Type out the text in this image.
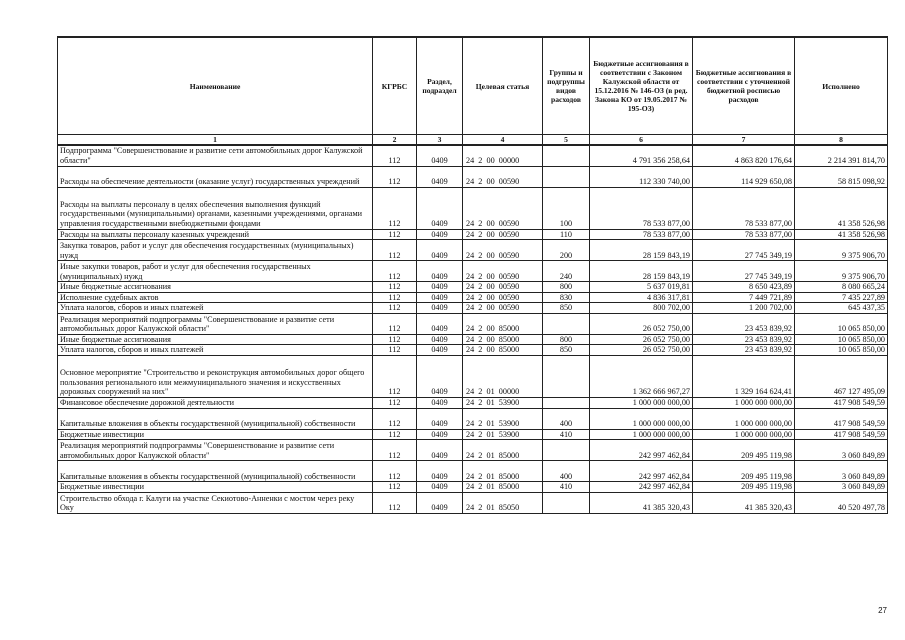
Наименование	КГРБС	Раздел, подраздел	Целевая статья	Группы и подгруппы видов расходов	Бюджетные ассигнования в соответствии с Законом Калужской области от 15.12.2016 № 146-ОЗ (в ред. Закона КО от 19.05.2017 № 195-ОЗ)	Бюджетные ассигнования в соответствии с уточненной бюджетной росписью расходов	Исполнено
1	2	3	4	5	6	7	8
Подпрограмма "Совершенствование и развитие сети автомобильных дорог Калужской области"	112	0409	24  2  00  00000		4 791 356 258,64	4 863 820 176,64	2 214 391 814,70
Расходы на обеспечение деятельности (оказание услуг) государственных учреждений	112	0409	24  2  00  00590		112 330 740,00	114 929 650,08	58 815 098,92
Расходы на выплаты персоналу в целях обеспечения выполнения функций государственными (муниципальными) органами, казенными учреждениями, органами управления государственными внебюджетными фондами	112	0409	24  2  00  00590	100	78 533 877,00	78 533 877,00	41 358 526,98
Расходы на выплаты персоналу казенных учреждений	112	0409	24  2  00  00590	110	78 533 877,00	78 533 877,00	41 358 526,98
Закупка товаров, работ и услуг для обеспечения государственных (муниципальных) нужд	112	0409	24  2  00  00590	200	28 159 843,19	27 745 349,19	9 375 906,70
Иные закупки товаров, работ и услуг для обеспечения государственных (муниципальных) нужд	112	0409	24  2  00  00590	240	28 159 843,19	27 745 349,19	9 375 906,70
Иные бюджетные ассигнования	112	0409	24  2  00  00590	800	5 637 019,81	8 650 423,89	8 080 665,24
Исполнение судебных актов	112	0409	24  2  00  00590	830	4 836 317,81	7 449 721,89	7 435 227,89
Уплата налогов, сборов и иных платежей	112	0409	24  2  00  00590	850	800 702,00	1 200 702,00	645 437,35
Реализация мероприятий подпрограммы "Совершенствование и развитие сети автомобильных дорог Калужской области"	112	0409	24  2  00  85000		26 052 750,00	23 453 839,92	10 065 850,00
Иные бюджетные ассигнования	112	0409	24  2  00  85000	800	26 052 750,00	23 453 839,92	10 065 850,00
Уплата налогов, сборов и иных платежей	112	0409	24  2  00  85000	850	26 052 750,00	23 453 839,92	10 065 850,00
Основное мероприятие "Строительство и реконструкция автомобильных дорог общего пользования регионального или межмуниципального значения и искусственных дорожных сооружений на них"	112	0409	24  2  01  00000		1 362 666 967,27	1 329 164 624,41	467 127 495,09
Финансовое обеспечение дорожной деятельности	112	0409	24  2  01  53900		1 000 000 000,00	1 000 000 000,00	417 908 549,59
Капитальные вложения в объекты государственной (муниципальной) собственности	112	0409	24  2  01  53900	400	1 000 000 000,00	1 000 000 000,00	417 908 549,59
Бюджетные инвестиции	112	0409	24  2  01  53900	410	1 000 000 000,00	1 000 000 000,00	417 908 549,59
Реализация мероприятий подпрограммы "Совершенствование и развитие сети автомобильных дорог Калужской области"	112	0409	24  2  01  85000		242 997 462,84	209 495 119,98	3 060 849,89
Капитальные вложения в объекты государственной (муниципальной) собственности	112	0409	24  2  01  85000	400	242 997 462,84	209 495 119,98	3 060 849,89
Бюджетные инвестиции	112	0409	24  2  01  85000	410	242 997 462,84	209 495 119,98	3 060 849,89
Строительство обхода г. Калуги на участке Секиотово-Анненки с мостом через реку Оку	112	0409	24  2  01  85050		41 385 320,43	41 385 320,43	40 520 497,78
27
